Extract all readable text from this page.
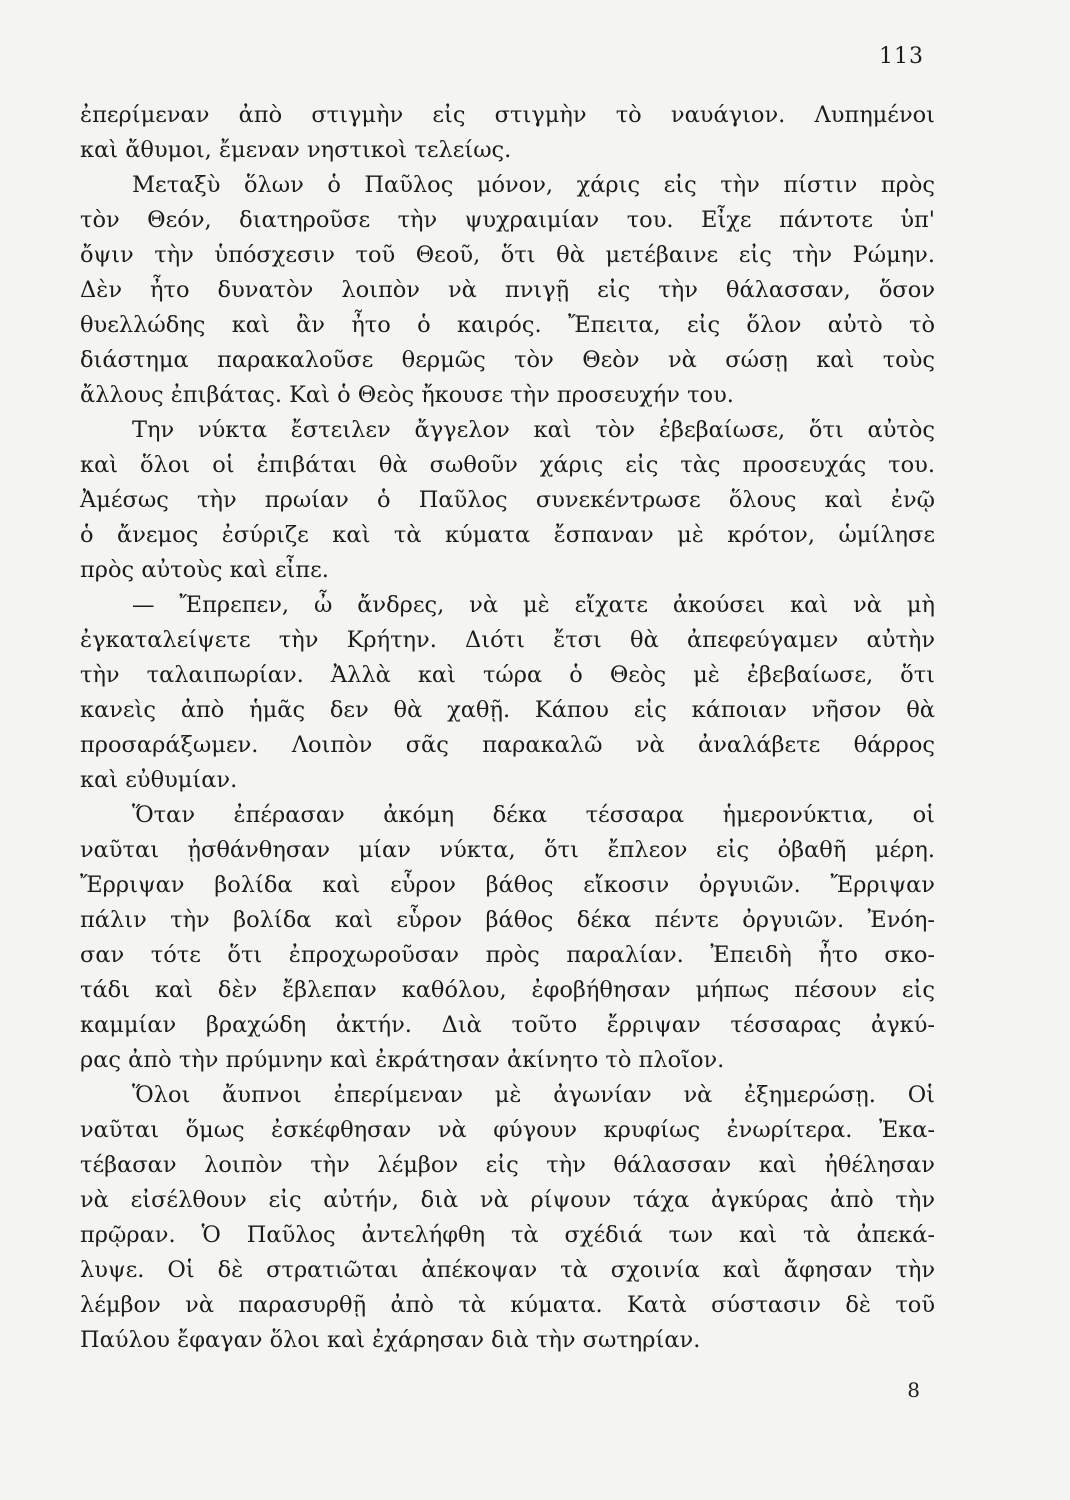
113
ἐπερίμεναν ἀπὸ στιγμὴν εἰς στιγμὴν τὸ ναυάγιον. Λυπημένοι
καὶ ἄθυμοι, ἔμεναν νηστικοὶ τελείως.
Μεταξὺ ὅλων ὁ Παῦλος μόνον, χάρις εἰς τὴν πίστιν πρὸς
τὸν Θεόν, διατηροῦσε τὴν ψυχραιμίαν του. Εἶχε πάντοτε ὑπ'
ὄψιν τὴν ὑπόσχεσιν τοῦ Θεοῦ, ὅτι θὰ μετέβαινε εἰς τὴν Ρώμην.
Δὲν ἦτο δυνατὸν λοιπὸν νὰ πνιγῇ εἰς τὴν θάλασσαν, ὅσον
θυελλώδης καὶ ἂν ἦτο ὁ καιρός. Ἔπειτα, εἰς ὅλον αὐτὸ τὸ
διάστημα παρακαλοῦσε θερμῶς τὸν Θεὸν νὰ σώσῃ καὶ τοὺς
ἄλλους ἐπιβάτας. Καὶ ὁ Θεὸς ἤκουσε τὴν προσευχήν του.
Την νύκτα ἔστειλεν ἄγγελον καὶ τὸν ἐβεβαίωσε, ὅτι αὐτὸς
καὶ ὅλοι οἱ ἐπιβάται θὰ σωθοῦν χάρις εἰς τὰς προσευχάς του.
Ἀμέσως τὴν πρωίαν ὁ Παῦλος συνεκέντρωσε ὅλους καὶ ἐνῷ
ὁ ἄνεμος ἐσύριζε καὶ τὰ κύματα ἔσπαναν μὲ κρότον, ὡμίλησε
πρὸς αὐτοὺς καὶ εἶπε.
— Ἔπρεπεν, ὦ ἄνδρες, νὰ μὲ εἴχατε ἀκούσει καὶ νὰ μὴ
ἐγκαταλείψετε τὴν Κρήτην. Διότι ἔτσι θὰ ἀπεφεύγαμεν αὐτὴν
τὴν ταλαιπωρίαν. Ἀλλὰ καὶ τώρα ὁ Θεὸς μὲ ἐβεβαίωσε, ὅτι
κανεὶς ἀπὸ ἡμᾶς δεν θὰ χαθῇ. Κάπου εἰς κάποιαν νῆσον θὰ
προσαράξωμεν. Λοιπὸν σᾶς παρακαλῶ νὰ ἀναλάβετε θάρρος
καὶ εὐθυμίαν.
Ὅταν ἐπέρασαν ἀκόμη δέκα τέσσαρα ἡμερονύκτια, οἱ
ναῦται ᾐσθάνθησαν μίαν νύκτα, ὅτι ἔπλεον εἰς ὀβαθῆ μέρη.
Ἔρριψαν βολίδα καὶ εὗρον βάθος εἴκοσιν ὀργυιῶν. Ἔρριψαν
πάλιν τὴν βολίδα καὶ εὗρον βάθος δέκα πέντε ὀργυιῶν. Ἐνόη-
σαν τότε ὅτι ἐπροχωροῦσαν πρὸς παραλίαν. Ἐπειδὴ ἦτο σκο-
τάδι καὶ δὲν ἔβλεπαν καθόλου, ἐφοβήθησαν μήπως πέσουν εἰς
καμμίαν βραχώδη ἀκτήν. Διὰ τοῦτο ἔρριψαν τέσσαρας ἀγκύ-
ρας ἀπὸ τὴν πρύμνην καὶ ἐκράτησαν ἀκίνητο τὸ πλοῖον.
Ὅλοι ἄυπνοι ἐπερίμεναν μὲ ἀγωνίαν νὰ ἐξημερώσῃ. Οἱ
ναῦται ὅμως ἐσκέφθησαν νὰ φύγουν κρυφίως ἐνωρίτερα. Ἐκα-
τέβασαν λοιπὸν τὴν λέμβον εἰς τὴν θάλασσαν καὶ ἠθέλησαν
νὰ εἰσέλθουν εἰς αὐτήν, διὰ νὰ ρίψουν τάχα ἀγκύρας ἀπὸ τὴν
πρῷραν. Ὁ Παῦλος ἀντελήφθη τὰ σχέδιά των καὶ τὰ ἀπεκά-
λυψε. Οἱ δὲ στρατιῶται ἀπέκοψαν τὰ σχοινία καὶ ἄφησαν τὴν
λέμβον νὰ παρασυρθῇ ἀπὸ τὰ κύματα. Κατὰ σύστασιν δὲ τοῦ
Παύλου ἔφαγαν ὅλοι καὶ ἐχάρησαν διὰ τὴν σωτηρίαν.
8
